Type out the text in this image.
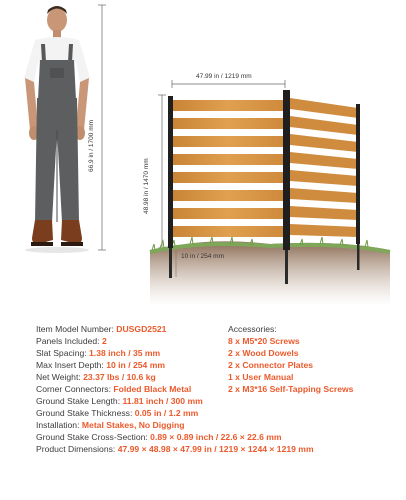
66.9 in / 1700 mm
47.99 in / 1219 mm
48.98 in / 1470 mm
10 in / 254 mm
Item Model Number: DUSGD2521
Panels Included: 2
Slat Spacing: 1.38 inch / 35 mm
Max Insert Depth: 10 in / 254 mm
Net Weight: 23.37 lbs / 10.6 kg
Corner Connectors: Folded Black Metal
Ground Stake Length: 11.81 inch / 300 mm
Ground Stake Thickness: 0.05 in / 1.2 mm
Installation: Metal Stakes, No Digging
Ground Stake Cross-Section: 0.89 × 0.89 inch / 22.6 × 22.6 mm
Product Dimensions: 47.99 × 48.98 × 47.99 in / 1219 × 1244 × 1219 mm
Accessories:
8 x M5*20 Screws
2 x Wood Dowels
2 x Connector Plates
1 x User Manual
2 x M3*16 Self-Tapping Screws
